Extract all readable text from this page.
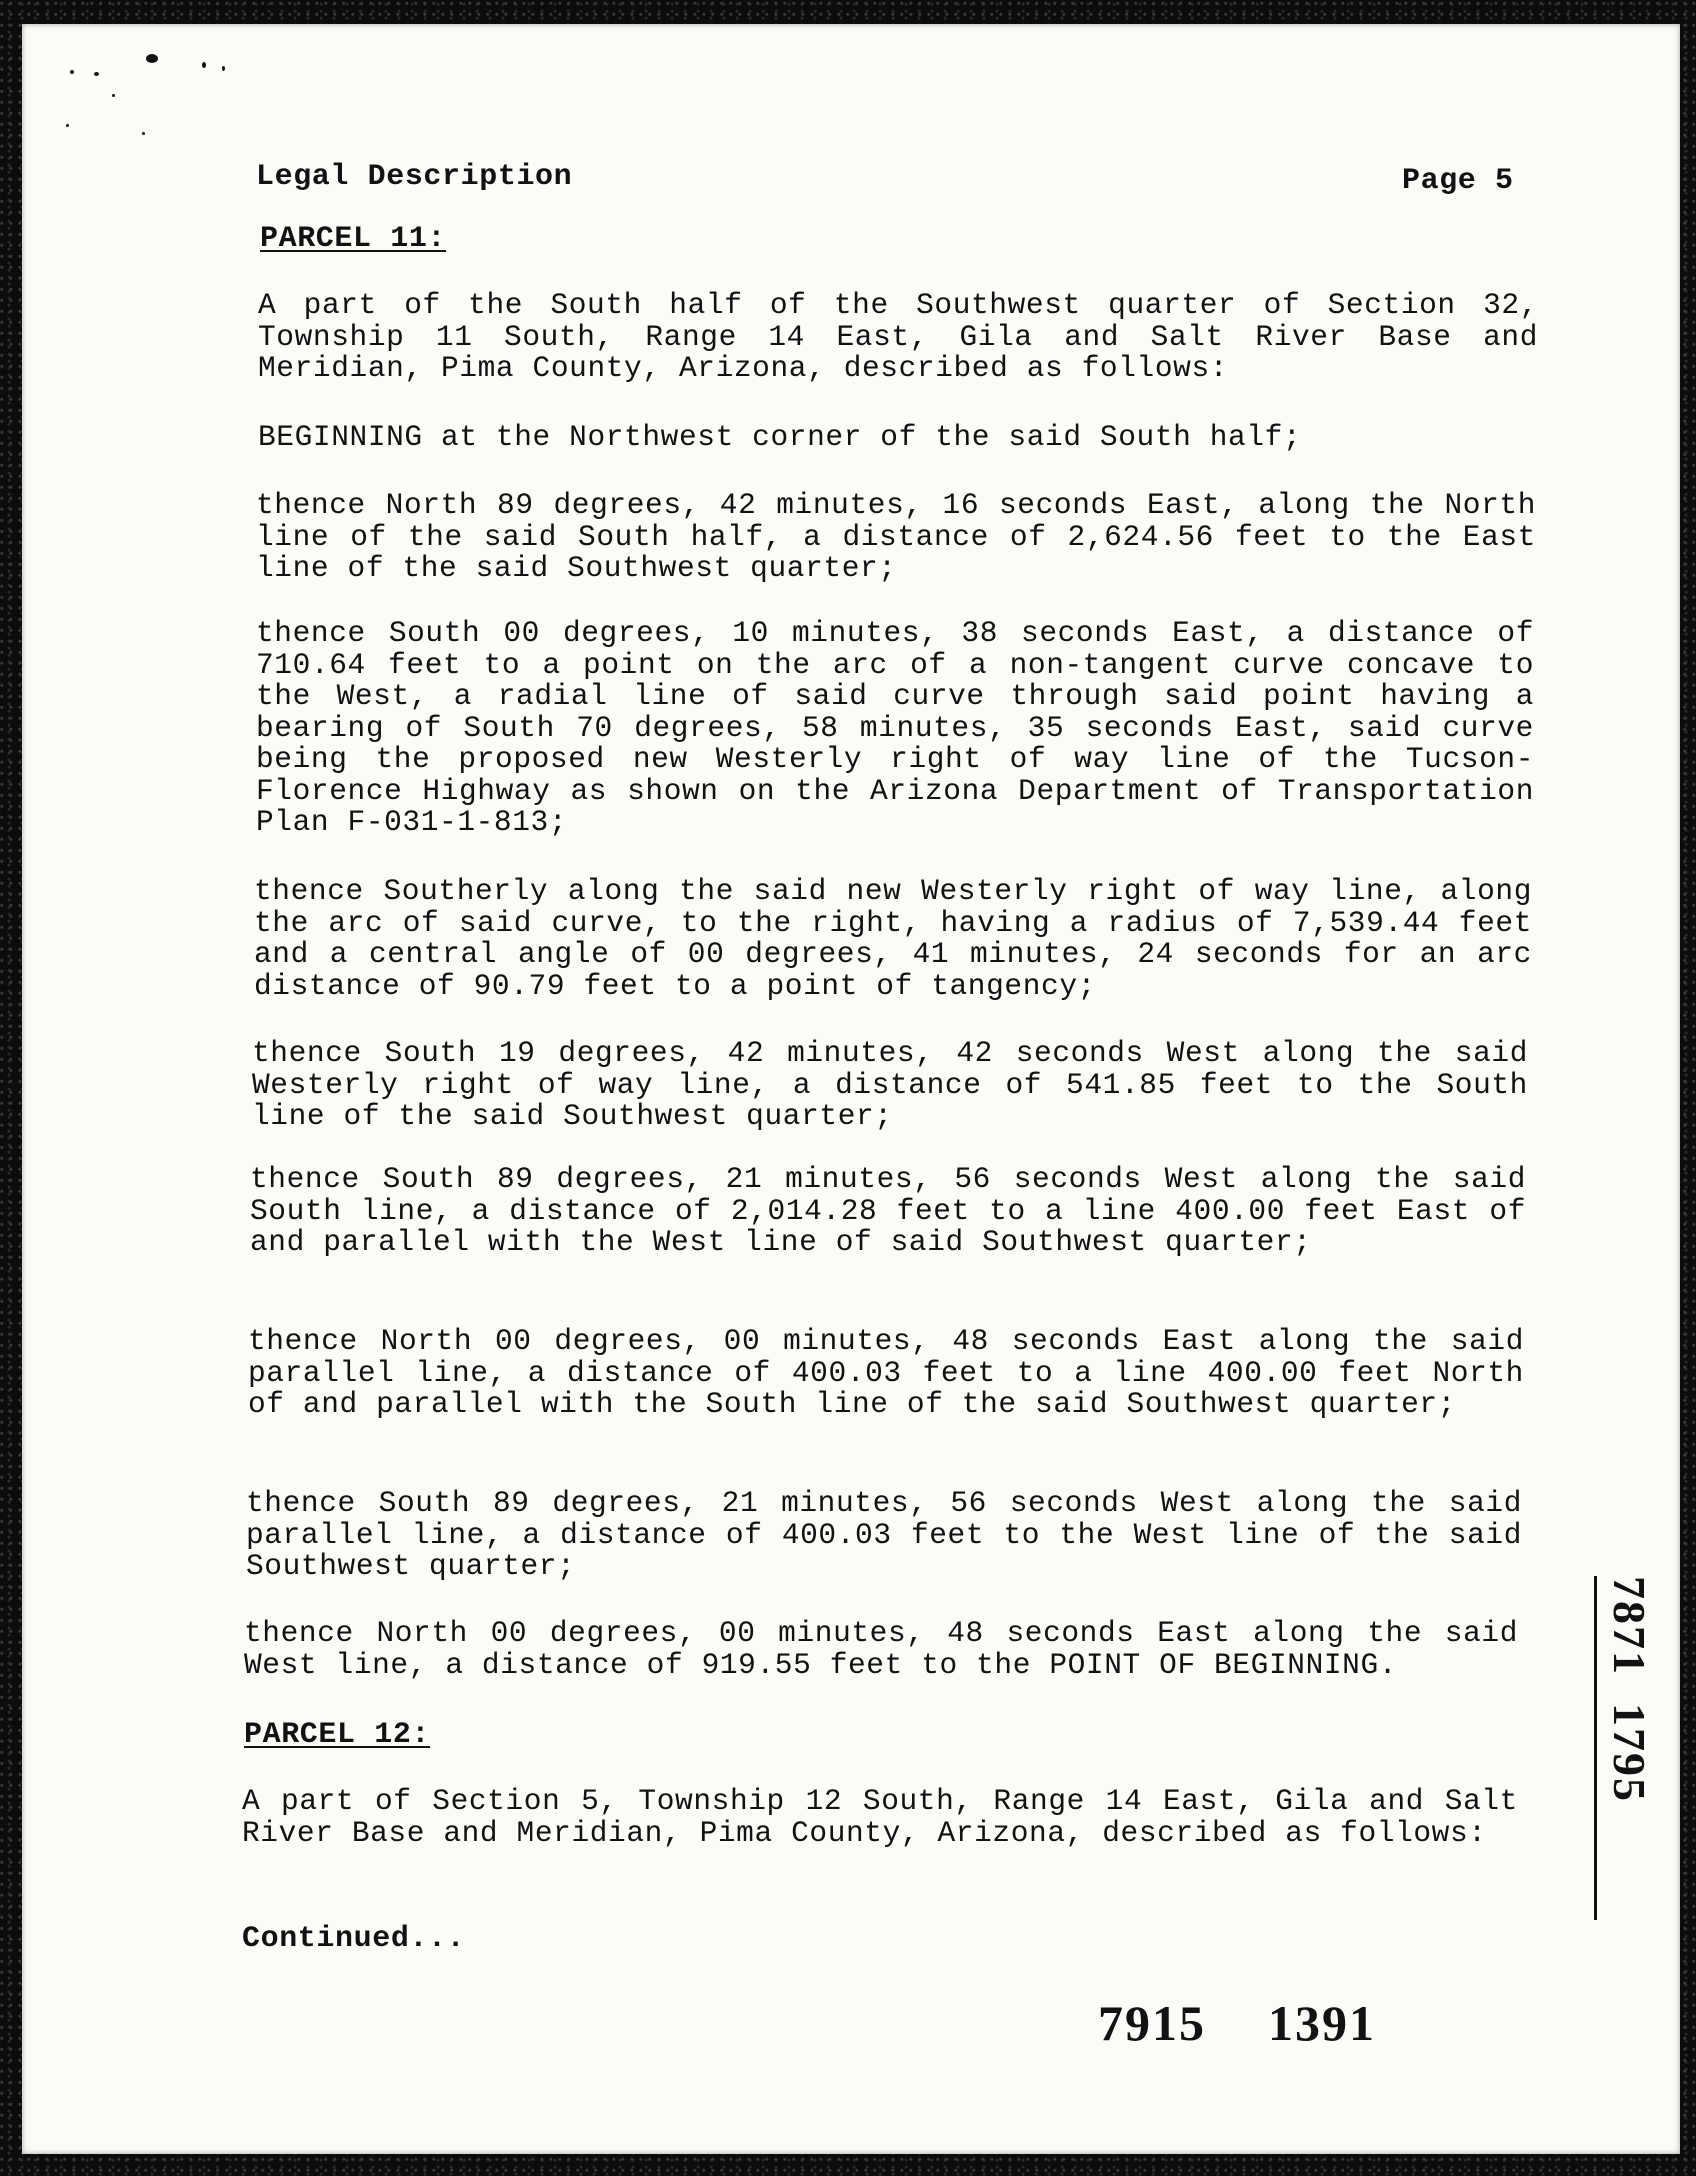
Legal Description	Page 5
PARCEL 11:
A part of the South half of the Southwest quarter of Section 32, Township 11 South, Range 14 East, Gila and Salt River Base and Meridian, Pima County, Arizona, described as follows:
BEGINNING at the Northwest corner of the said South half;
thence North 89 degrees, 42 minutes, 16 seconds East, along the North line of the said South half, a distance of 2,624.56 feet to the East line of the said Southwest quarter;
thence South 00 degrees, 10 minutes, 38 seconds East, a distance of 710.64 feet to a point on the arc of a non-tangent curve concave to the West, a radial line of said curve through said point having a bearing of South 70 degrees, 58 minutes, 35 seconds East, said curve being the proposed new Westerly right of way line of the Tucson-Florence Highway as shown on the Arizona Department of Transportation Plan F-031-1-813;
thence Southerly along the said new Westerly right of way line, along the arc of said curve, to the right, having a radius of 7,539.44 feet and a central angle of 00 degrees, 41 minutes, 24 seconds for an arc distance of 90.79 feet to a point of tangency;
thence South 19 degrees, 42 minutes, 42 seconds West along the said Westerly right of way line, a distance of 541.85 feet to the South line of the said Southwest quarter;
thence South 89 degrees, 21 minutes, 56 seconds West along the said South line, a distance of 2,014.28 feet to a line 400.00 feet East of and parallel with the West line of said Southwest quarter;
thence North 00 degrees, 00 minutes, 48 seconds East along the said parallel line, a distance of 400.03 feet to a line 400.00 feet North of and parallel with the South line of the said Southwest quarter;
thence South 89 degrees, 21 minutes, 56 seconds West along the said parallel line, a distance of 400.03 feet to the West line of the said Southwest quarter;
thence North 00 degrees, 00 minutes, 48 seconds East along the said West line, a distance of 919.55 feet to the POINT OF BEGINNING.
PARCEL 12:
A part of Section 5, Township 12 South, Range 14 East, Gila and Salt River Base and Meridian, Pima County, Arizona, described as follows:
Continued...
7915 1391
7871  1795
